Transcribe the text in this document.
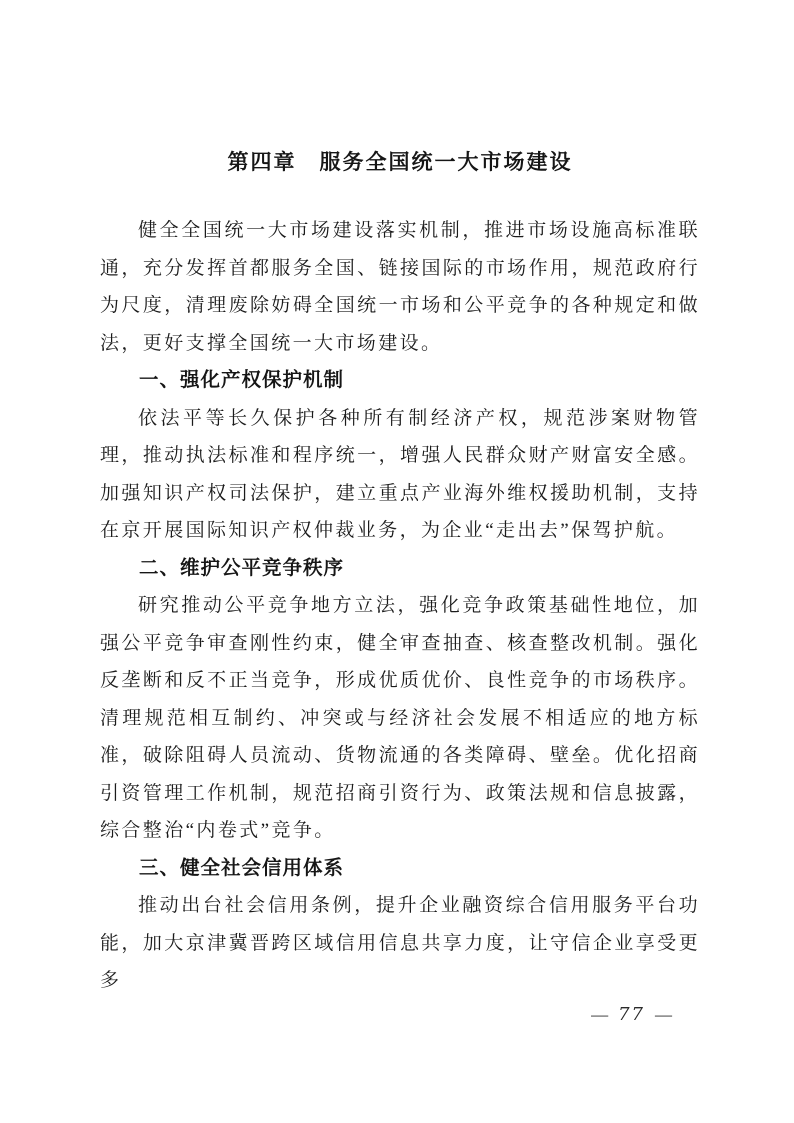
第四章　服务全国统一大市场建设

健全全国统一大市场建设落实机制，推进市场设施高标准联通，充分发挥首都服务全国、链接国际的市场作用，规范政府行为尺度，清理废除妨碍全国统一市场和公平竞争的各种规定和做法，更好支撑全国统一大市场建设。

一、强化产权保护机制

依法平等长久保护各种所有制经济产权，规范涉案财物管理，推动执法标准和程序统一，增强人民群众财产财富安全感。加强知识产权司法保护，建立重点产业海外维权援助机制，支持在京开展国际知识产权仲裁业务，为企业“走出去”保驾护航。

二、维护公平竞争秩序

研究推动公平竞争地方立法，强化竞争政策基础性地位，加强公平竞争审查刚性约束，健全审查抽查、核查整改机制。强化反垄断和反不正当竞争，形成优质优价、良性竞争的市场秩序。清理规范相互制约、冲突或与经济社会发展不相适应的地方标准，破除阻碍人员流动、货物流通的各类障碍、壁垒。优化招商引资管理工作机制，规范招商引资行为、政策法规和信息披露，综合整治“内卷式”竞争。

三、健全社会信用体系

推动出台社会信用条例，提升企业融资综合信用服务平台功能，加大京津冀晋跨区域信用信息共享力度，让守信企业享受更多

— 77 —
